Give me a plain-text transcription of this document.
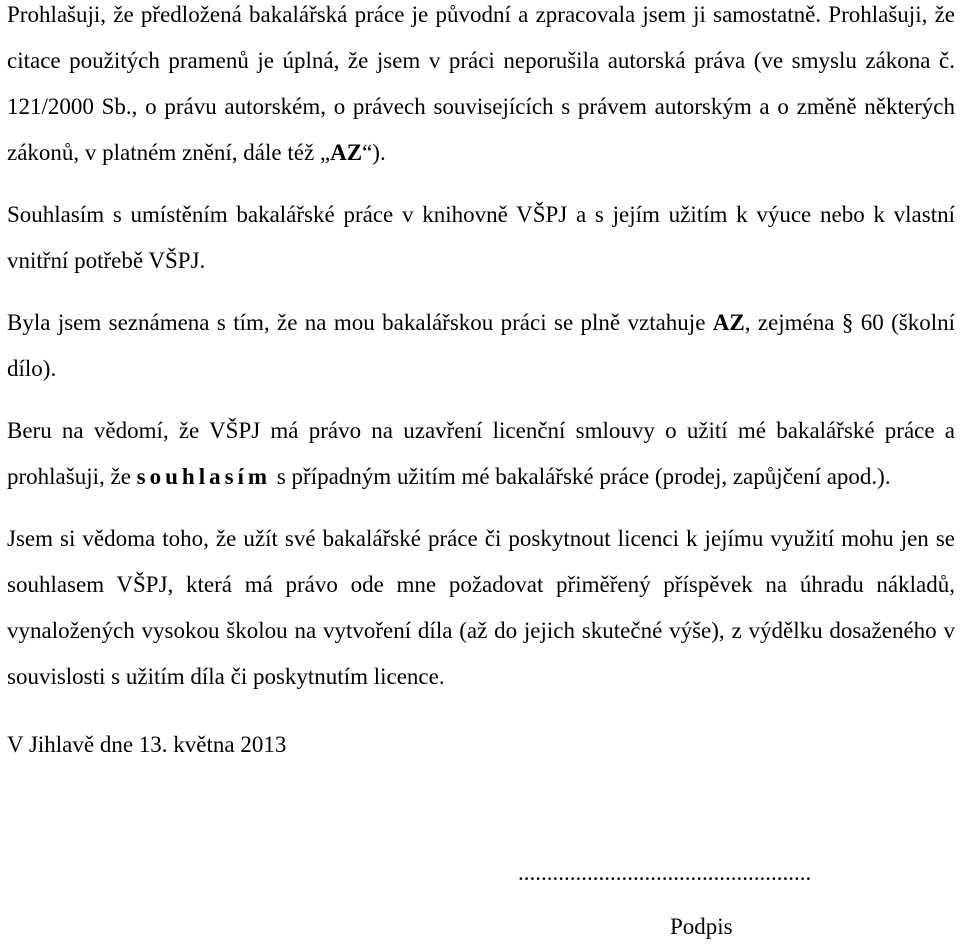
Prohlašuji, že předložená bakalářská práce je původní a zpracovala jsem ji samostatně. Prohlašuji, že citace použitých pramenů je úplná, že jsem v práci neporušila autorská práva (ve smyslu zákona č. 121/2000 Sb., o právu autorském, o právech souvisejících s právem autorským a o změně některých zákonů, v platném znění, dále též „AZ“).

Souhlasím s umístěním bakalářské práce v knihovně VŠPJ a s jejím užitím k výuce nebo k vlastní vnitřní potřebě VŠPJ.

Byla jsem seznámena s tím, že na mou bakalářskou práci se plně vztahuje AZ, zejména § 60 (školní dílo).

Beru na vědomí, že VŠPJ má právo na uzavření licenční smlouvy o užití mé bakalářské práce a prohlašuji, že souhlasím s případným užitím mé bakalářské práce (prodej, zapůjčení apod.).

Jsem si vědoma toho, že užít své bakalářské práce či poskytnout licenci k jejímu využití mohu jen se souhlasem VŠPJ, která má právo ode mne požadovat přiměřený příspěvek na úhradu nákladů, vynaložených vysokou školou na vytvoření díla (až do jejich skutečné výše), z výdělku dosaženého v souvislosti s užitím díla či poskytnutím licence.

V Jihlavě dne 13. května 2013

...................................................
Podpis
